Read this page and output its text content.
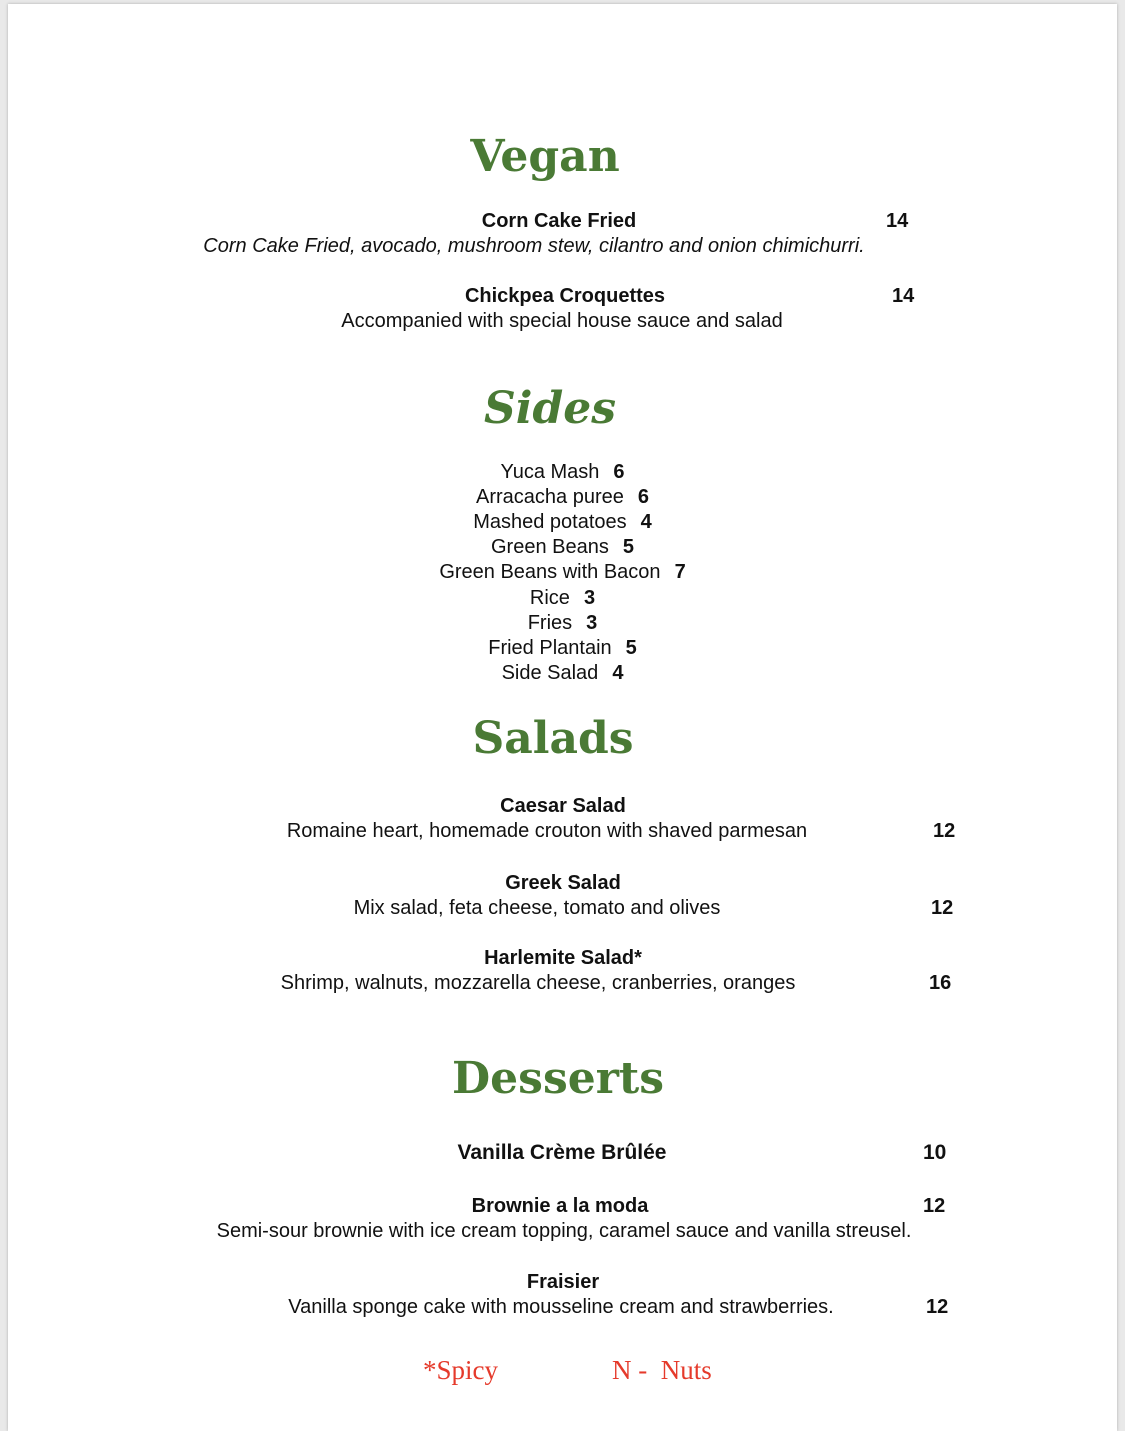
Vegan
Corn Cake Fried	14
Corn Cake Fried, avocado, mushroom stew, cilantro and onion chimichurri.
Chickpea Croquettes	14
Accompanied with special house sauce and salad
Sides
Yuca Mash 6
Arracacha puree 6
Mashed potatoes 4
Green Beans 5
Green Beans with Bacon 7
Rice 3
Fries 3
Fried Plantain 5
Side Salad 4
Salads
Caesar Salad
Romaine heart, homemade crouton with shaved parmesan	12
Greek Salad
Mix salad, feta cheese, tomato and olives	12
Harlemite Salad*
Shrimp, walnuts, mozzarella cheese, cranberries, oranges	16
Desserts
Vanilla Crème Brûlée	10
Brownie a la moda	12
Semi-sour brownie with ice cream topping, caramel sauce and vanilla streusel.
Fraisier
Vanilla sponge cake with mousseline cream and strawberries.	12
*Spicy	N -  Nuts
